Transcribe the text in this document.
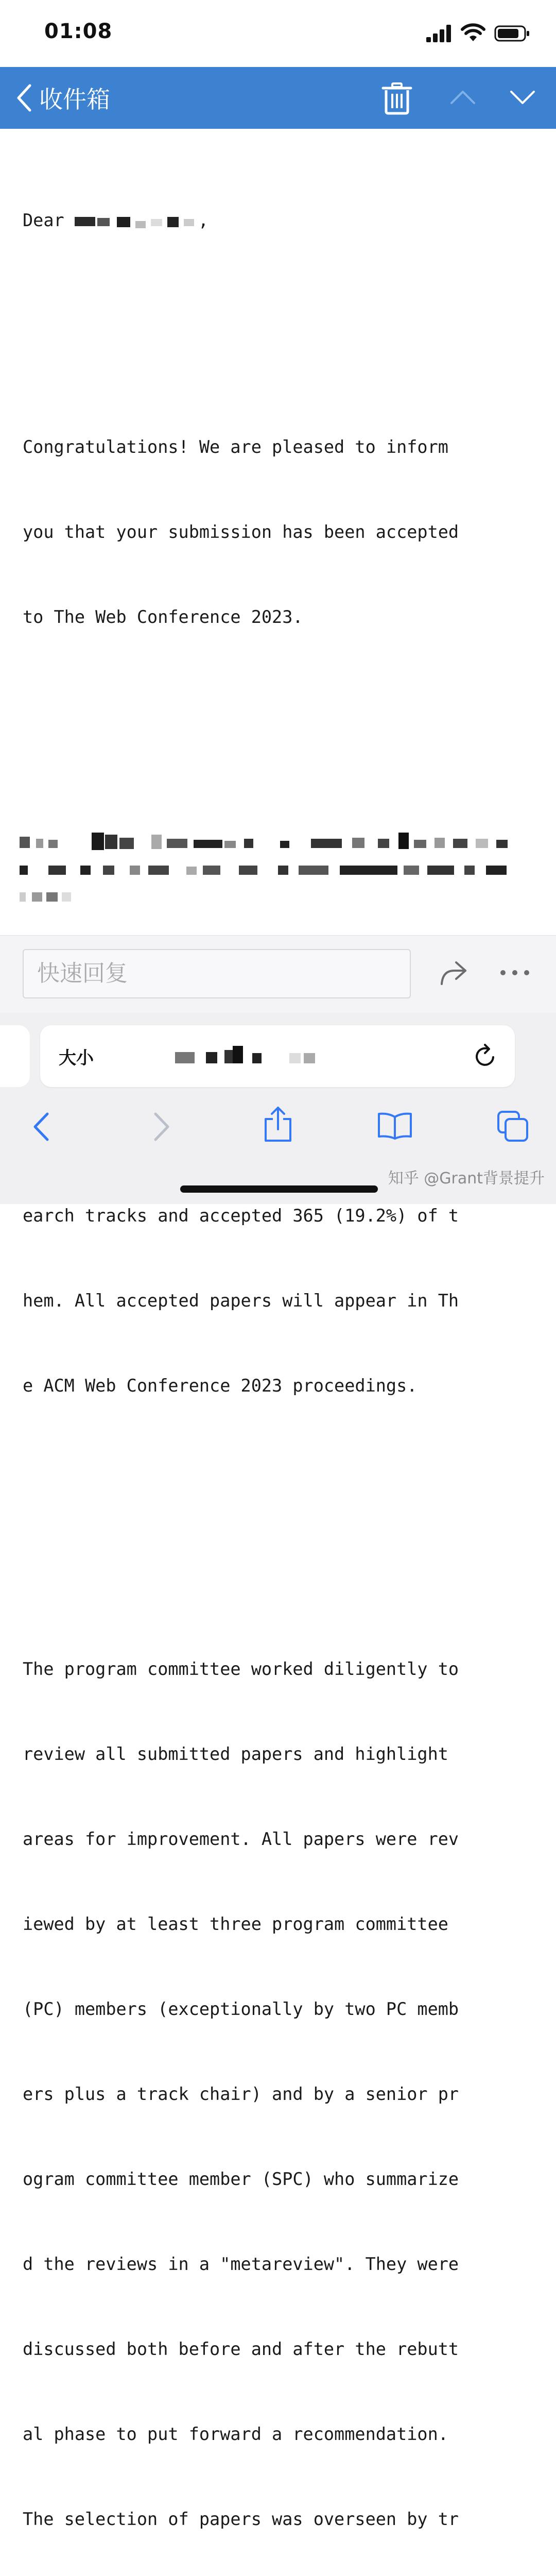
01:08
收件箱

Dear

	,

Congratulations! We are pleased to inform

you that your submission has been accepted

to The Web Conference 2023.

earch tracks and accepted 365 (19.2%) of t

hem. All accepted papers will appear in Th

e ACM Web Conference 2023 proceedings.

The program committee worked diligently to

review all submitted papers and highlight

areas for improvement. All papers were rev

iewed by at least three program committee

(PC) members (exceptionally by two PC memb

ers plus a track chair) and by a senior pr

ogram committee member (SPC) who summarize

d the reviews in a "metareview". They were

discussed both before and after the rebutt

al phase to put forward a recommendation.

The selection of papers was overseen by tr

快速回复
大小
知乎 @Grant背景提升
